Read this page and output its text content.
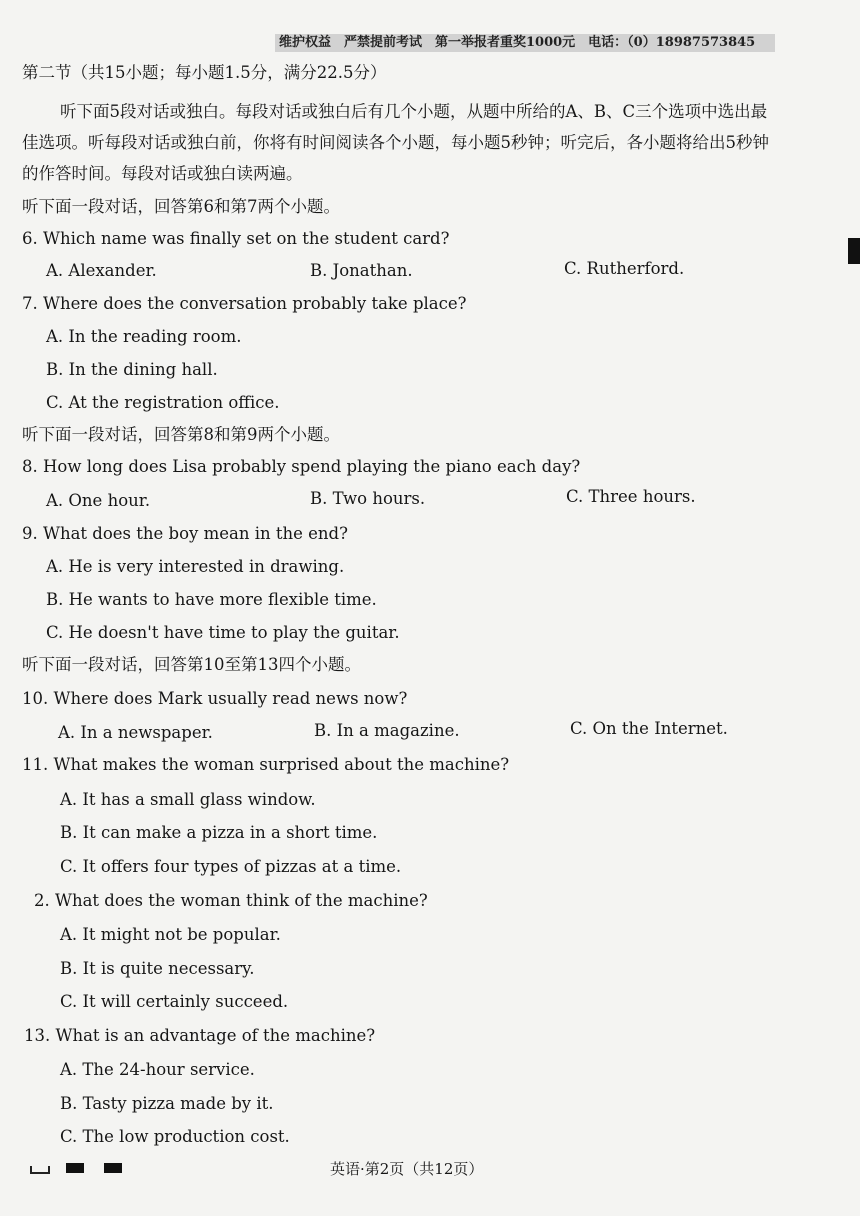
维护权益　严禁提前考试　第一举报者重奖1000元　电话：（0）18987573845
第二节（共15小题；每小题1.5分，满分22.5分）
听下面5段对话或独白。每段对话或独白后有几个小题，从题中所给的A、B、C三个选项中选出最佳选项。听每段对话或独白前，你将有时间阅读各个小题，每小题5秒钟；听完后，各小题将给出5秒钟的作答时间。每段对话或独白读两遍。
听下面一段对话，回答第6和第7两个小题。
6. Which name was finally set on the student card?
A. Alexander.	B. Jonathan.	C. Rutherford.
7. Where does the conversation probably take place?
A. In the reading room.
B. In the dining hall.
C. At the registration office.
听下面一段对话，回答第8和第9两个小题。
8. How long does Lisa probably spend playing the piano each day?
A. One hour.	B. Two hours.	C. Three hours.
9. What does the boy mean in the end?
A. He is very interested in drawing.
B. He wants to have more flexible time.
C. He doesn't have time to play the guitar.
听下面一段对话，回答第10至第13四个小题。
10. Where does Mark usually read news now?
A. In a newspaper.	B. In a magazine.	C. On the Internet.
11. What makes the woman surprised about the machine?
A. It has a small glass window.
B. It can make a pizza in a short time.
C. It offers four types of pizzas at a time.
2. What does the woman think of the machine?
A. It might not be popular.
B. It is quite necessary.
C. It will certainly succeed.
13. What is an advantage of the machine?
A. The 24-hour service.
B. Tasty pizza made by it.
C. The low production cost.
英语·第2页（共12页）
